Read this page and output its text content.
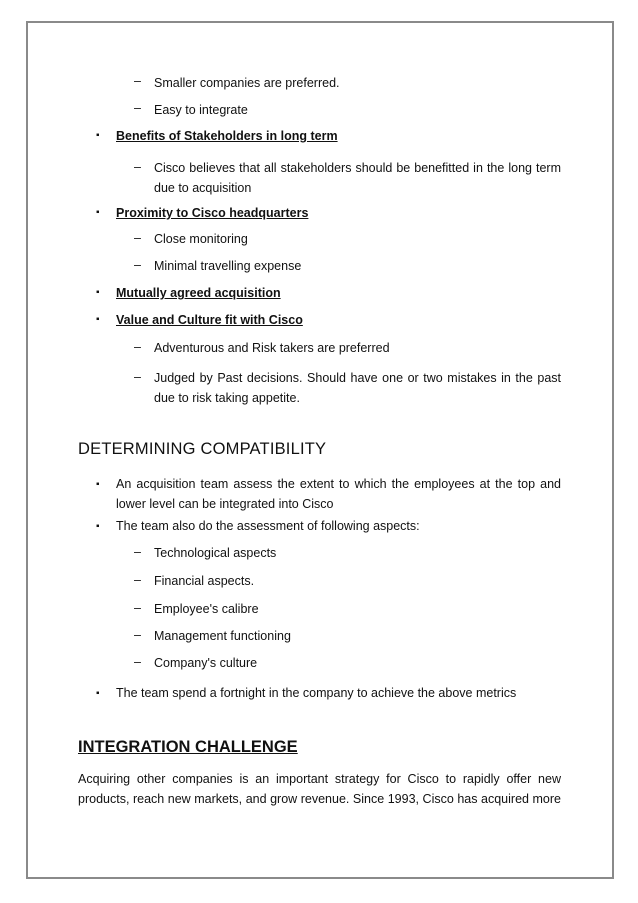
– Smaller companies are preferred.
– Easy to integrate
▪ Benefits of Stakeholders in long term
– Cisco believes that all stakeholders should be benefitted in the long term
due to acquisition
▪ Proximity to Cisco headquarters
– Close monitoring
– Minimal travelling expense
▪ Mutually agreed acquisition
▪ Value and Culture fit with Cisco
– Adventurous and Risk takers are preferred
– Judged by Past decisions. Should have one or two mistakes in the past
due to risk taking appetite.
DETERMINING COMPATIBILITY
▪ An acquisition team assess the extent to which the employees at the top and
lower level can be integrated into Cisco
▪ The team also do the assessment of following aspects:
– Technological aspects
– Financial aspects.
– Employee's calibre
– Management functioning
– Company's culture
▪ The team spend a fortnight in the company to achieve the above metrics
INTEGRATION CHALLENGE
Acquiring other companies is an important strategy for Cisco to rapidly offer new
products, reach new markets, and grow revenue. Since 1993, Cisco has acquired more
